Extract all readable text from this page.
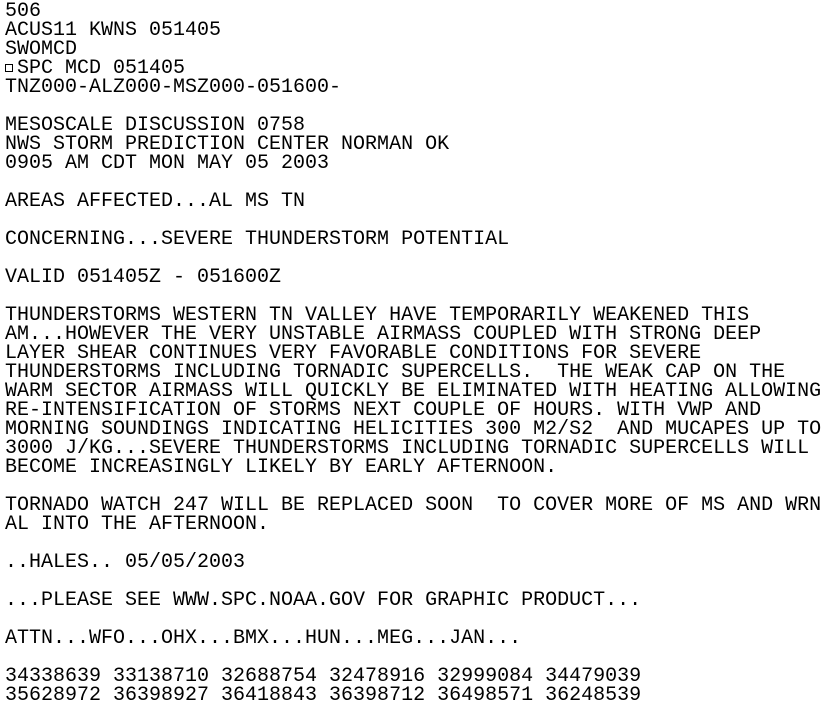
506
ACUS11 KWNS 051405
SWOMCD
SPC MCD 051405
TNZ000-ALZ000-MSZ000-051600-
MESOSCALE DISCUSSION 0758
NWS STORM PREDICTION CENTER NORMAN OK
0905 AM CDT MON MAY 05 2003
AREAS AFFECTED...AL MS TN
CONCERNING...SEVERE THUNDERSTORM POTENTIAL
VALID 051405Z - 051600Z
THUNDERSTORMS WESTERN TN VALLEY HAVE TEMPORARILY WEAKENED THIS
AM...HOWEVER THE VERY UNSTABLE AIRMASS COUPLED WITH STRONG DEEP
LAYER SHEAR CONTINUES VERY FAVORABLE CONDITIONS FOR SEVERE
THUNDERSTORMS INCLUDING TORNADIC SUPERCELLS.  THE WEAK CAP ON THE
WARM SECTOR AIRMASS WILL QUICKLY BE ELIMINATED WITH HEATING ALLOWING
RE-INTENSIFICATION OF STORMS NEXT COUPLE OF HOURS. WITH VWP AND
MORNING SOUNDINGS INDICATING HELICITIES 300 M2/S2  AND MUCAPES UP TO
3000 J/KG...SEVERE THUNDERSTORMS INCLUDING TORNADIC SUPERCELLS WILL
BECOME INCREASINGLY LIKELY BY EARLY AFTERNOON.
TORNADO WATCH 247 WILL BE REPLACED SOON  TO COVER MORE OF MS AND WRN
AL INTO THE AFTERNOON.
..HALES.. 05/05/2003
...PLEASE SEE WWW.SPC.NOAA.GOV FOR GRAPHIC PRODUCT...
ATTN...WFO...OHX...BMX...HUN...MEG...JAN...
34338639 33138710 32688754 32478916 32999084 34479039
35628972 36398927 36418843 36398712 36498571 36248539
